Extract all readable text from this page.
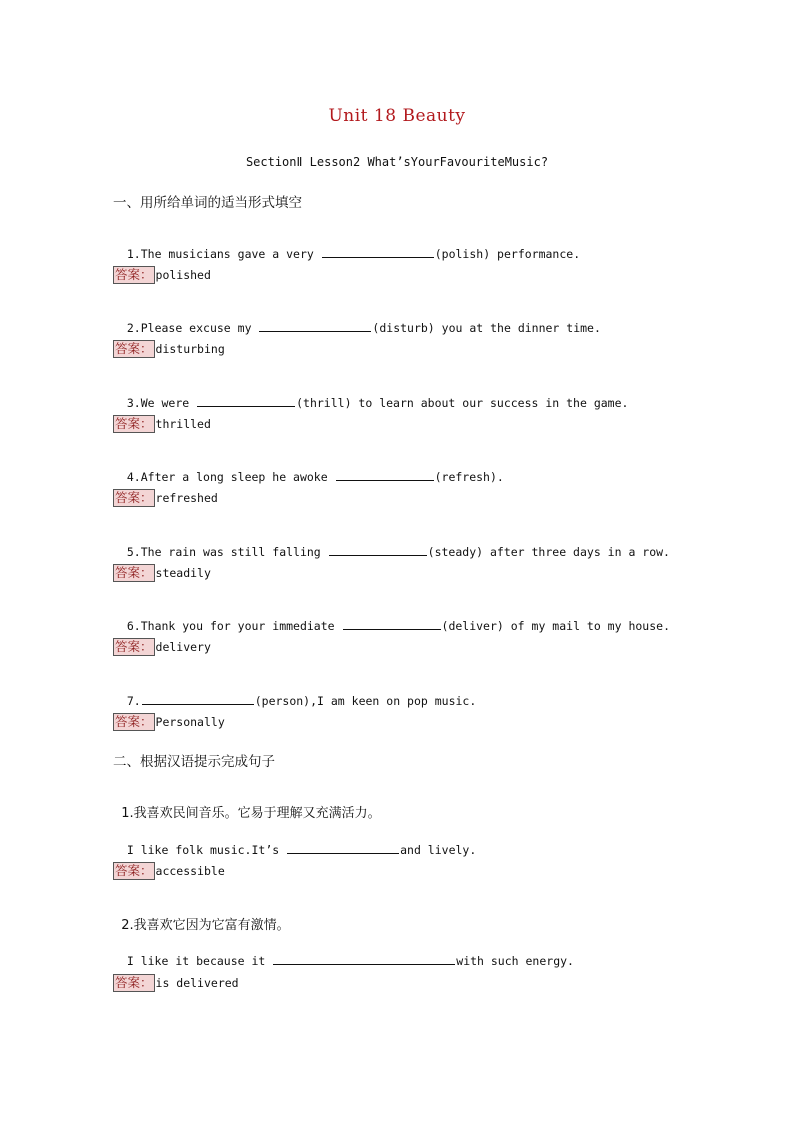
Unit 18 Beauty
SectionⅡ Lesson2 What’sYourFavouriteMusic?
一、用所给单词的适当形式填空

1.The musicians gave a very	(polish) performance.

答案： polished

2.Please excuse my	(disturb) you at the dinner time.

答案： disturbing

3.We were	(thrill) to learn about our success in the game.

答案： thrilled

4.After a long sleep he awoke	(refresh).

答案： refreshed

5.The rain was still falling	(steady) after three days in a row.

答案： steadily

6.Thank you for your immediate	(deliver) of my mail to my house.

答案： delivery

7.	(person),I am keen on pop music.

答案： Personally
二、根据汉语提示完成句子

1.我喜欢民间音乐。它易于理解又充满活力。

I like folk music.It’s	and lively.

答案： accessible

2.我喜欢它因为它富有激情。

I like it because it	with such energy.

答案： is delivered
